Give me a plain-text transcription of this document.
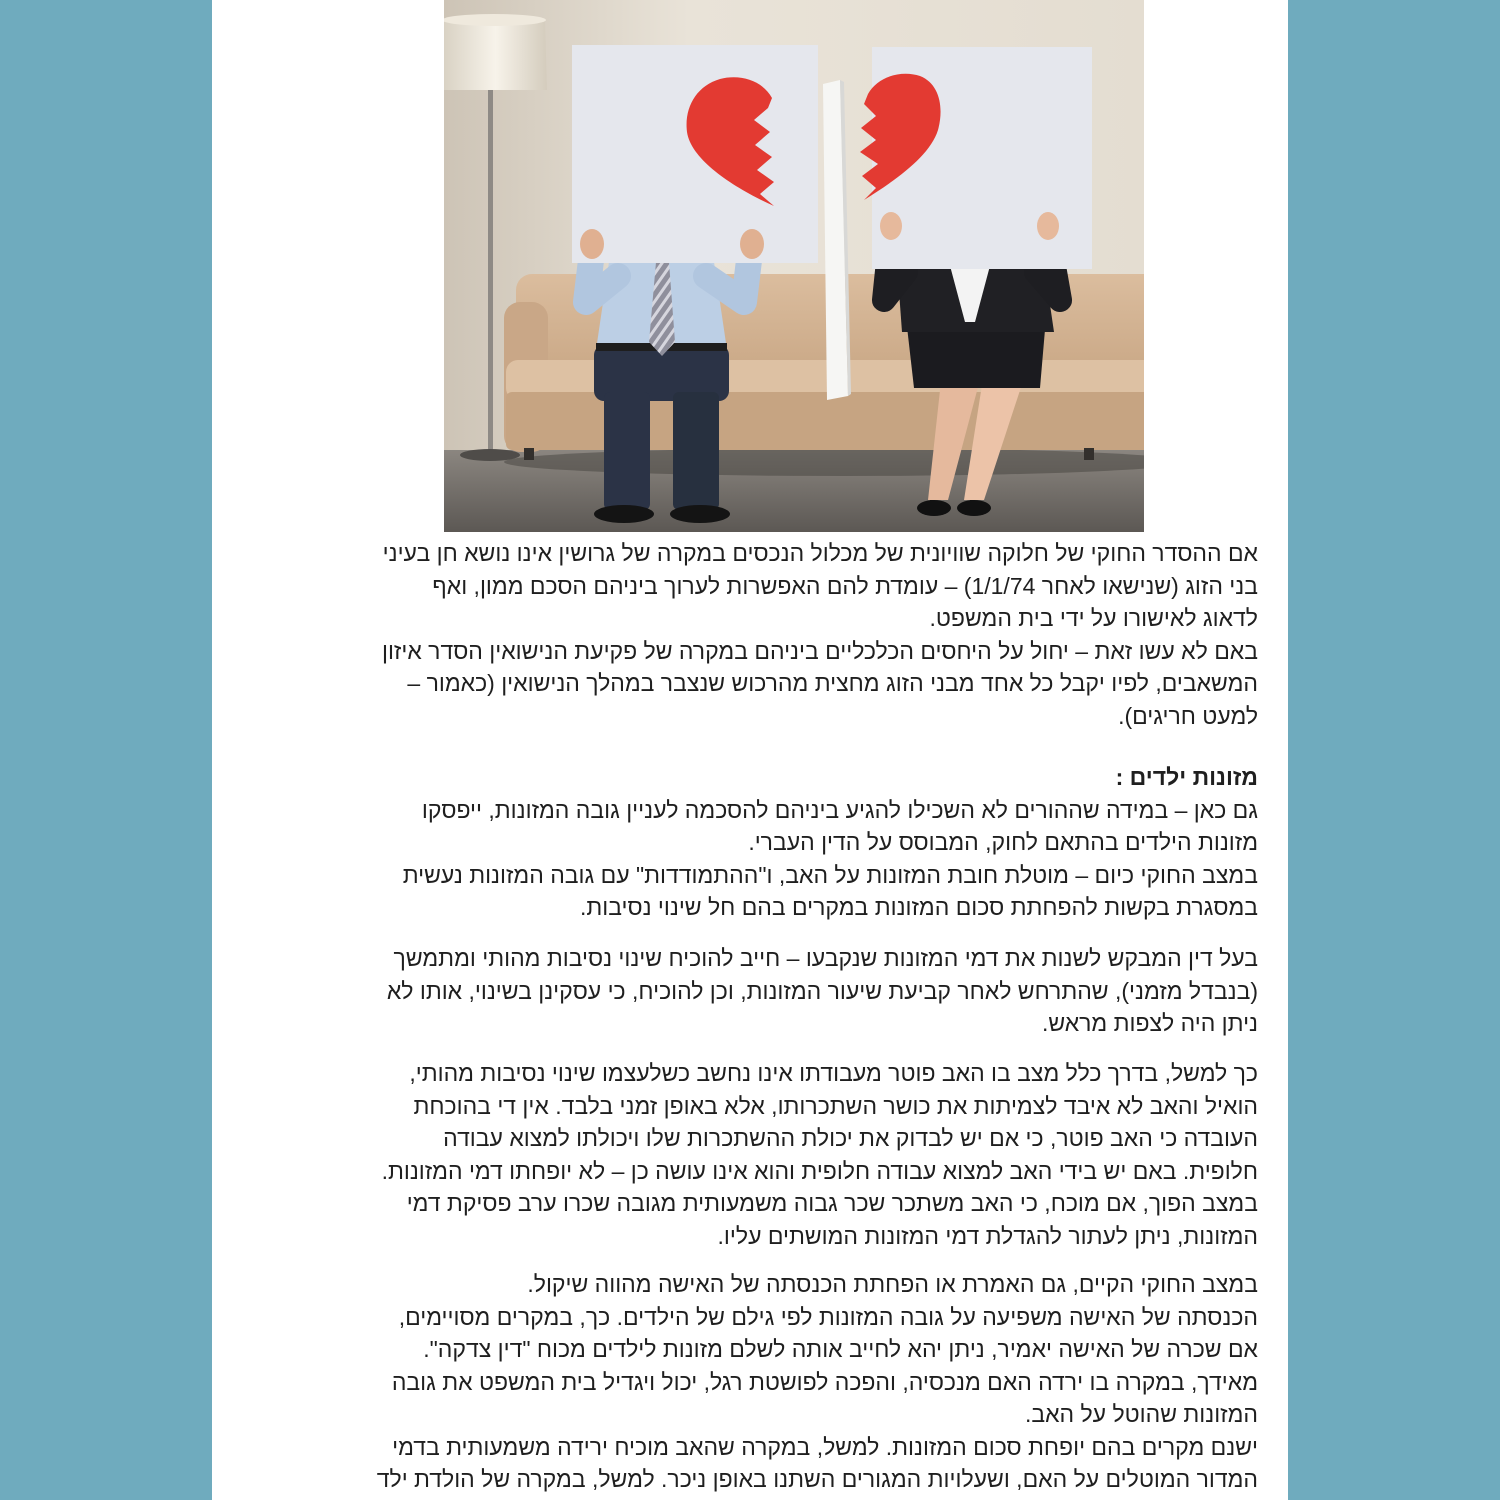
אם ההסדר החוקי של חלוקה שוויונית של מכלול הנכסים במקרה של גרושין אינו נושא חן בעיני
בני הזוג (שנישאו לאחר 1/1/74) – עומדת להם האפשרות לערוך ביניהם הסכם ממון, ואף
לדאוג לאישורו על ידי בית המשפט.
באם לא עשו זאת – יחול על היחסים הכלכליים ביניהם במקרה של פקיעת הנישואין הסדר איזון
המשאבים, לפיו יקבל כל אחד מבני הזוג מחצית מהרכוש שנצבר במהלך הנישואין (כאמור –
למעט חריגים).
מזונות ילדים :
גם כאן – במידה שההורים לא השכילו להגיע ביניהם להסכמה לעניין גובה המזונות, ייפסקו
מזונות הילדים בהתאם לחוק, המבוסס על הדין העברי.
במצב החוקי כיום – מוטלת חובת המזונות על האב, ו"ההתמודדות" עם גובה המזונות נעשית
במסגרת בקשות להפחתת סכום המזונות במקרים בהם חל שינוי נסיבות.
בעל דין המבקש לשנות את דמי המזונות שנקבעו – חייב להוכיח שינוי נסיבות מהותי ומתמשך
(בנבדל מזמני), שהתרחש לאחר קביעת שיעור המזונות, וכן להוכיח, כי עסקינן בשינוי, אותו לא
ניתן היה לצפות מראש.
כך למשל, בדרך כלל מצב בו האב פוטר מעבודתו אינו נחשב כשלעצמו שינוי נסיבות מהותי,
הואיל והאב לא איבד לצמיתות את כושר השתכרותו, אלא באופן זמני בלבד. אין די בהוכחת
העובדה כי האב פוטר, כי אם יש לבדוק את יכולת ההשתכרות שלו ויכולתו למצוא עבודה
חלופית. באם יש בידי האב למצוא עבודה חלופית והוא אינו עושה כן – לא יופחתו דמי המזונות.
במצב הפוך, אם מוכח, כי האב משתכר שכר גבוה משמעותית מגובה שכרו ערב פסיקת דמי
המזונות, ניתן לעתור להגדלת דמי המזונות המושתים עליו.
במצב החוקי הקיים, גם האמרת או הפחתת הכנסתה של האישה מהווה שיקול.
הכנסתה של האישה משפיעה על גובה המזונות לפי גילם של הילדים. כך, במקרים מסויימים,
אם שכרה של האישה יאמיר, ניתן יהא לחייב אותה לשלם מזונות לילדים מכוח "דין צדקה".
מאידך, במקרה בו ירדה האם מנכסיה, והפכה לפושטת רגל, יכול ויגדיל בית המשפט את גובה
המזונות שהוטל על האב.
ישנם מקרים בהם יופחת סכום המזונות. למשל, במקרה שהאב מוכיח ירידה משמעותית בדמי
המדור המוטלים על האם, ושעלויות המגורים השתנו באופן ניכר. למשל, במקרה של הולדת ילד
